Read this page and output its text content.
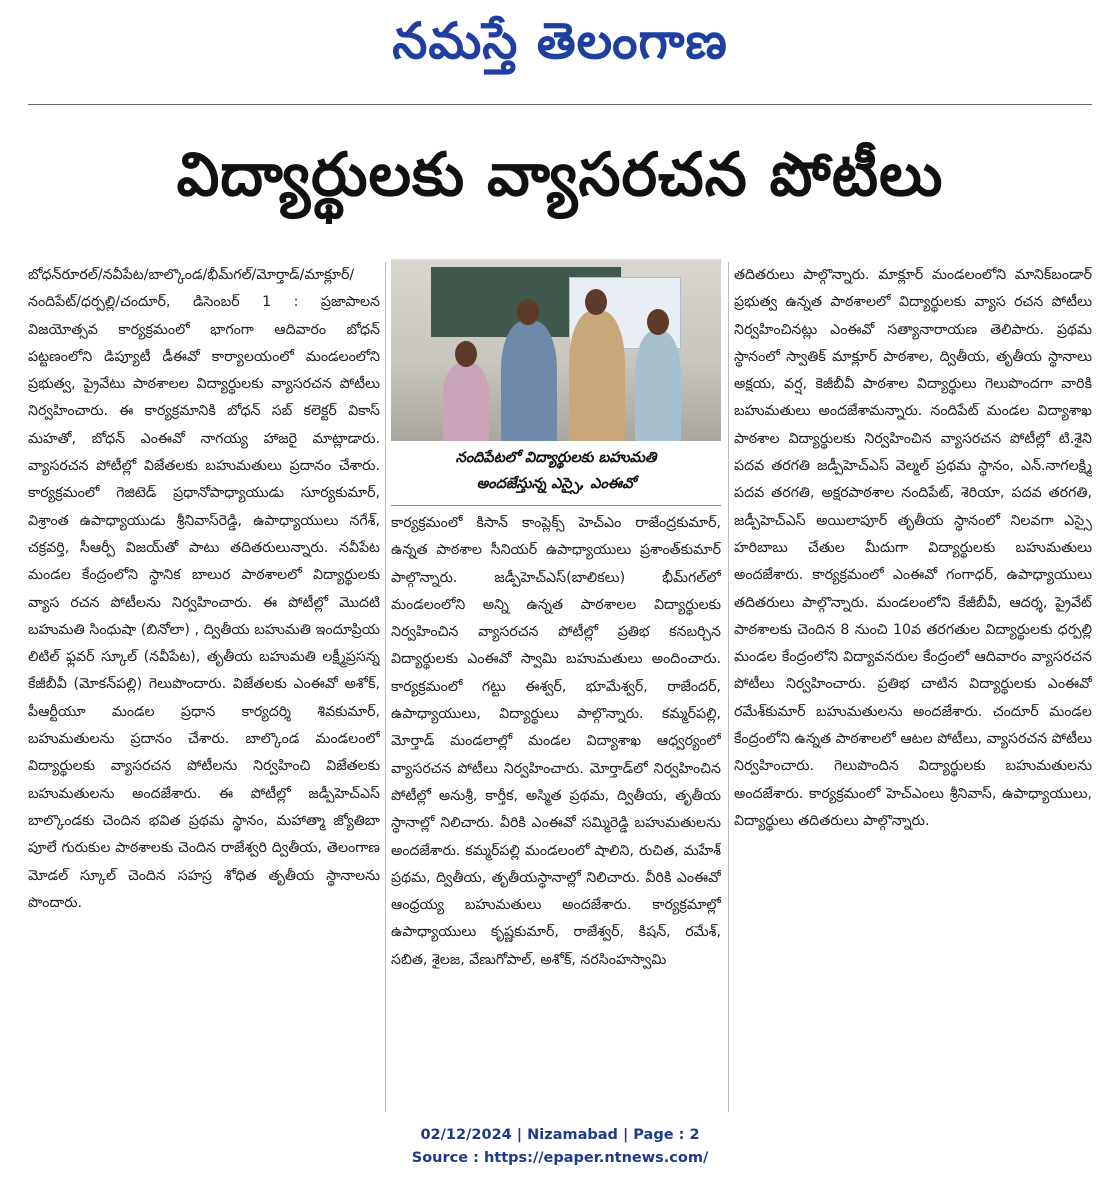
నమస్తే తెలంగాణ
విద్యార్థులకు వ్యాసరచన పోటీలు

బోధన్‌రూరల్/నవీపేట/బాల్కొండ/భీమ్‌గల్/మోర్తాడ్/మాక్లూర్/నందిపేట్/ధర్పల్లి/చందూర్, డిసెంబర్ 1 : ప్రజాపాలన విజయోత్సవ కార్యక్రమంలో భాగంగా ఆదివారం బోధన్ పట్టణంలోని డిప్యూటీ డీఈవో కార్యాలయంలో మండలంలోని ప్రభుత్వ, ప్రైవేటు పాఠశాలల విద్యార్థులకు వ్యాసరచన పోటీలు నిర్వహించారు. ఈ కార్యక్రమానికి బోధన్ సబ్ కలెక్టర్ వికాస్ మహతో, బోధన్ ఎంఈవో నాగయ్య హాజరై మాట్లాడారు. వ్యాసరచన పోటీల్లో విజేతలకు బహుమతులు ప్రదానం చేశారు. కార్యక్రమంలో గెజిటెడ్ ప్రధానోపాధ్యాయుడు సూర్యకుమార్, విశ్రాంత ఉపాధ్యాయుడు శ్రీనివాస్‌రెడ్డి, ఉపాధ్యాయులు నగేశ్, చక్రవర్తి, సీఆర్పీ విజయ్‌తో పాటు తదితరులున్నారు. నవీపేట మండల కేంద్రంలోని స్థానిక బాలుర పాఠశాలలో విద్యార్థులకు వ్యాస రచన పోటీలను నిర్వహించారు. ఈ పోటీల్లో మొదటి బహుమతి సింధుషా (బినోలా) , ద్వితీయ బహుమతి ఇందూప్రియ లిటిల్ ఫ్లవర్ స్కూల్ (నవీపేట), తృతీయ బహుమతి లక్ష్మీప్రసన్న కేజీబీవీ (మోకన్‌పల్లి) గెలుపొందారు. విజేతలకు ఎంఈవో అశోక్, పీఆర్టీయూ మండల ప్రధాన కార్యదర్శి శివకుమార్, బహుమతులను ప్రదానం చేశారు. బాల్కొండ మండలంలో విద్యార్థులకు వ్యాసరచన పోటీలను నిర్వహించి విజేతలకు బహుమతులను అందజేశారు. ఈ పోటీల్లో జడ్పీహెచ్‌ఎస్ బాల్కొండకు చెందిన భవిత ప్రథమ స్థానం, మహాత్మా జ్యోతిబా పూలే గురుకుల పాఠశాలకు చెందిన రాజేశ్వరి ద్వితీయ, తెలంగాణ మోడల్ స్కూల్ చెందిన సహస్ర శోధిత తృతీయ స్థానాలను పొందారు.

నందిపేటలో విద్యార్థులకు బహుమతి
అందజేస్తున్న ఎస్సై, ఎంఈవో

కార్యక్రమంలో కిసాన్ కాంప్లెక్స్ హెచ్‌ఎం రాజేంద్రకుమార్, ఉన్నత పాఠశాల సీనియర్ ఉపాధ్యాయులు ప్రశాంత్‌కుమార్ పాల్గొన్నారు. జడ్పీహెచ్‌ఎస్(బాలికలు) భీమ్‌గల్‌లో మండలంలోని అన్ని ఉన్నత పాఠశాలల విద్యార్థులకు నిర్వహించిన వ్యాసరచన పోటీల్లో ప్రతిభ కనబర్చిన విద్యార్థులకు ఎంఈవో స్వామి బహుమతులు అందించారు. కార్యక్రమంలో గట్టు ఈశ్వర్, భూమేశ్వర్, రాజేందర్, ఉపాధ్యాయులు, విద్యార్థులు పాల్గొన్నారు. కమ్మర్‌పల్లి, మోర్తాడ్ మండలాల్లో మండల విద్యాశాఖ ఆధ్వర్యంలో వ్యాసరచన పోటీలు నిర్వహించారు. మోర్తాడ్‌లో నిర్వహించిన పోటీల్లో అనుశ్రీ, కార్తీక, అస్మిత ప్రథమ, ద్వితీయ, తృతీయ స్థానాల్లో నిలిచారు. వీరికి ఎంఈవో సమ్మిరెడ్డి బహుమతులను అందజేశారు. కమ్మర్‌పల్లి మండలంలో షాలిని, రుచిత, మహేశ్ ప్రథమ, ద్వితీయ, తృతీయస్థానాల్లో నిలిచారు. వీరికి ఎంఈవో ఆంధ్రయ్య బహుమతులు అందజేశారు. కార్యక్రమాల్లో ఉపాధ్యాయులు కృష్ణకుమార్, రాజేశ్వర్, కిషన్, రమేశ్, సబిత, శైలజ, వేణుగోపాల్, అశోక్, నరసింహస్వామి

తదితరులు పాల్గొన్నారు. మాక్లూర్ మండలంలోని మానిక్‌బండార్ ప్రభుత్వ ఉన్నత పాఠశాలలో విద్యార్థులకు వ్యాస రచన పోటీలు నిర్వహించినట్లు ఎంఈవో సత్యానారాయణ తెలిపారు. ప్రథమ స్థానంలో స్వాతిక్ మాక్లూర్ పాఠశాల, ద్వితీయ, తృతీయ స్థానాలు అక్షయ, వర్ష, కెజీబీవీ పాఠశాల విద్యార్థులు గెలుపొందగా వారికి బహుమతులు అందజేశామన్నారు. నందిపేట్ మండల విద్యాశాఖ పాఠశాల విద్యార్థులకు నిర్వహించిన వ్యాసరచన పోటీల్లో టి.శైని పదవ తరగతి జడ్పీహెచ్‌ఎస్ వెల్మల్ ప్రథమ స్థానం, ఎన్.నాగలక్ష్మి పదవ తరగతి, అక్షరపాఠశాల నందిపేట్, శెరియా, పదవ తరగతి, జడ్పీహెచ్‌ఎస్ అయిలాపూర్ తృతీయ స్థానంలో నిలవగా ఎస్సై హరిబాబు చేతుల మీదుగా విద్యార్థులకు బహుమతులు అందజేశారు. కార్యక్రమంలో ఎంఈవో గంగాధర్, ఉపాధ్యాయులు తదితరులు పాల్గొన్నారు. మండలంలోని కేజీబీవీ, ఆదర్శ, ప్రైవేట్ పాఠశాలకు చెందిన 8 నుంచి 10వ తరగతుల విద్యార్థులకు ధర్పల్లి మండల కేంద్రంలోని విద్యావనరుల కేంద్రంలో ఆదివారం వ్యాసరచన పోటీలు నిర్వహించారు. ప్రతిభ చాటిన విద్యార్థులకు ఎంఈవో రమేశ్‌కుమార్ బహుమతులను అందజేశారు. చందూర్ మండల కేంద్రంలోని ఉన్నత పాఠశాలలో ఆటల పోటీలు, వ్యాసరచన పోటీలు నిర్వహించారు. గెలుపొందిన విద్యార్థులకు బహుమతులను అందజేశారు. కార్యక్రమంలో హెచ్‌ఎంలు శ్రీనివాస్, ఉపాధ్యాయులు, విద్యార్థులు తదితరులు పాల్గొన్నారు.

02/12/2024 | Nizamabad | Page : 2
Source : https://epaper.ntnews.com/
